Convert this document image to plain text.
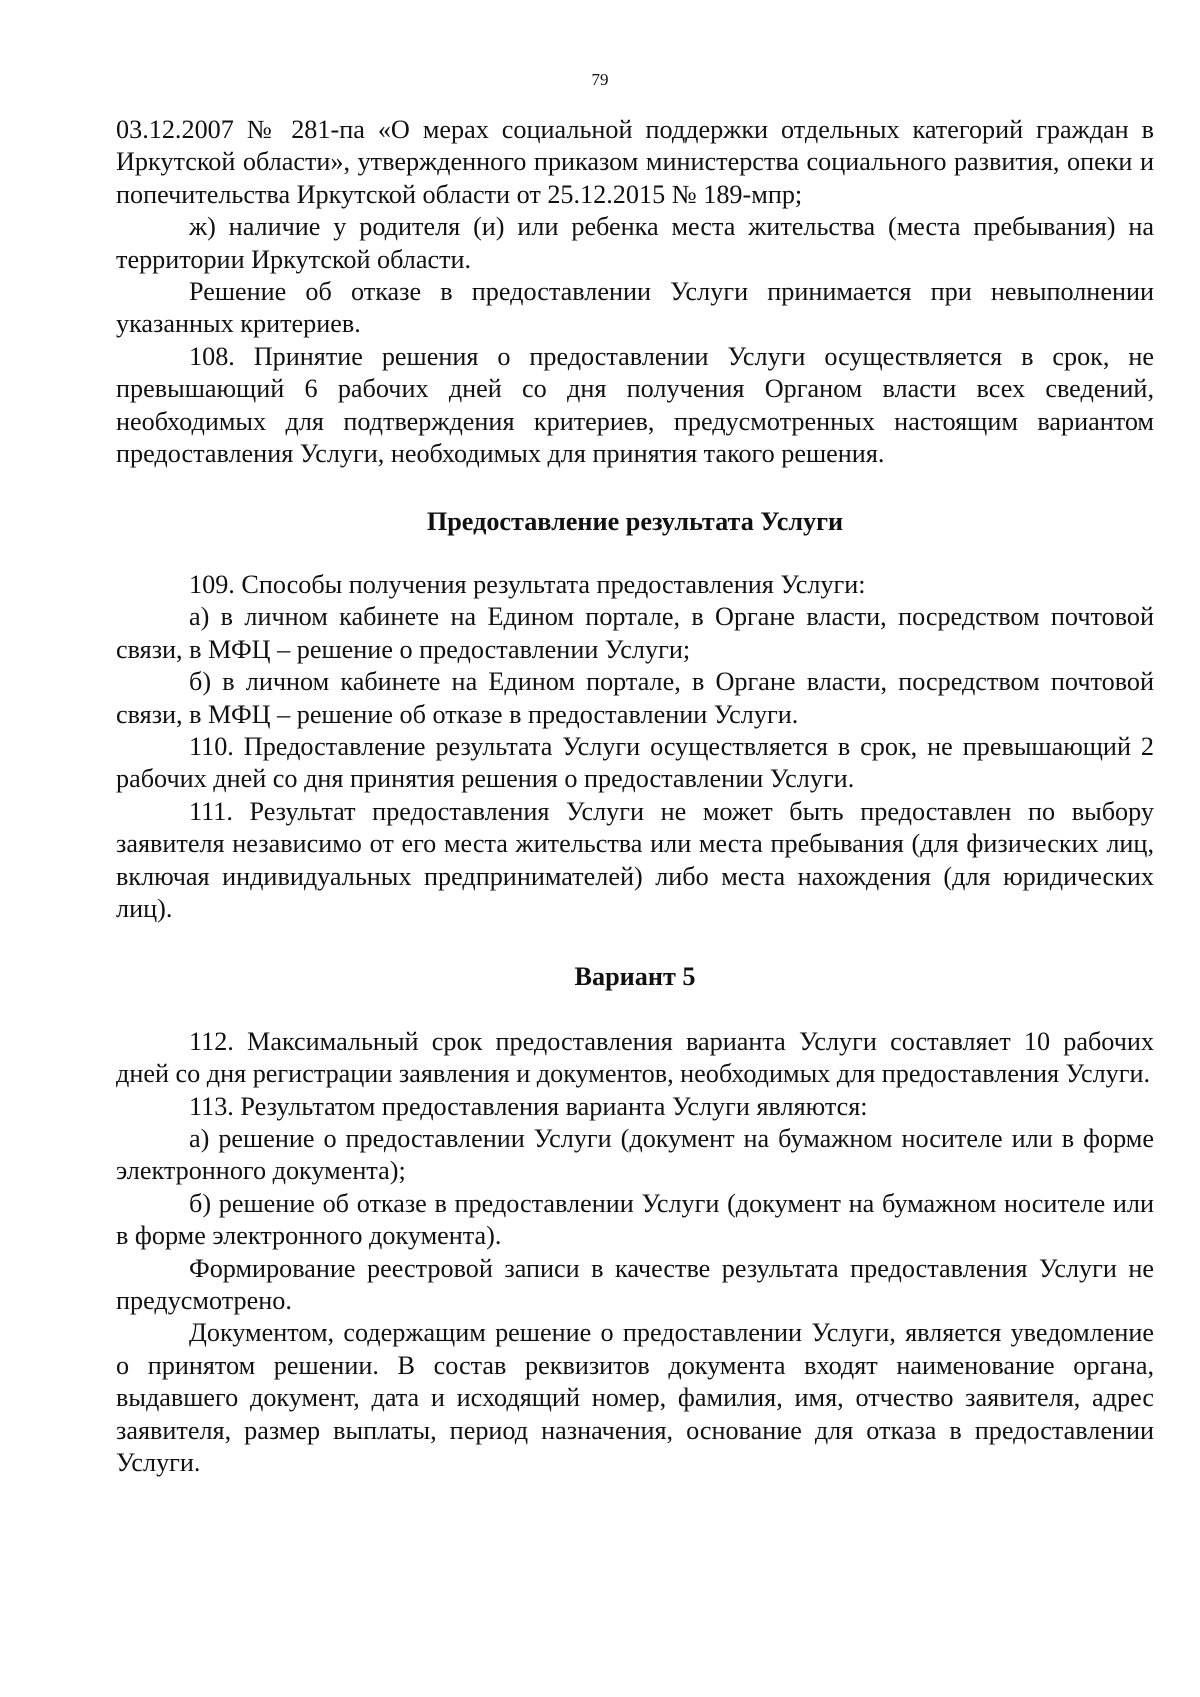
79

03.12.2007 № 281-па «О мерах социальной поддержки отдельных категорий граждан в Иркутской области», утвержденного приказом министерства социального развития, опеки и попечительства Иркутской области от 25.12.2015 № 189-мпр;

ж) наличие у родителя (и) или ребенка места жительства (места пребывания) на территории Иркутской области.

Решение об отказе в предоставлении Услуги принимается при невыполнении указанных критериев.

108. Принятие решения о предоставлении Услуги осуществляется в срок, не превышающий 6 рабочих дней со дня получения Органом власти всех сведений, необходимых для подтверждения критериев, предусмотренных настоящим вариантом предоставления Услуги, необходимых для принятия такого решения.

Предоставление результата Услуги

109. Способы получения результата предоставления Услуги:

а) в личном кабинете на Едином портале, в Органе власти, посредством почтовой связи, в МФЦ – решение о предоставлении Услуги;

б) в личном кабинете на Едином портале, в Органе власти, посредством почтовой связи, в МФЦ – решение об отказе в предоставлении Услуги.

110. Предоставление результата Услуги осуществляется в срок, не превышающий 2 рабочих дней со дня принятия решения о предоставлении Услуги.

111. Результат предоставления Услуги не может быть предоставлен по выбору заявителя независимо от его места жительства или места пребывания (для физических лиц, включая индивидуальных предпринимателей) либо места нахождения (для юридических лиц).

Вариант 5

112. Максимальный срок предоставления варианта Услуги составляет 10 рабочих дней со дня регистрации заявления и документов, необходимых для предоставления Услуги.

113. Результатом предоставления варианта Услуги являются:

а) решение о предоставлении Услуги (документ на бумажном носителе или в форме электронного документа);

б) решение об отказе в предоставлении Услуги (документ на бумажном носителе или в форме электронного документа).

Формирование реестровой записи в качестве результата предоставления Услуги не предусмотрено.

Документом, содержащим решение о предоставлении Услуги, является уведомление о принятом решении. В состав реквизитов документа входят наименование органа, выдавшего документ, дата и исходящий номер, фамилия, имя, отчество заявителя, адрес заявителя, размер выплаты, период назначения, основание для отказа в предоставлении Услуги.
